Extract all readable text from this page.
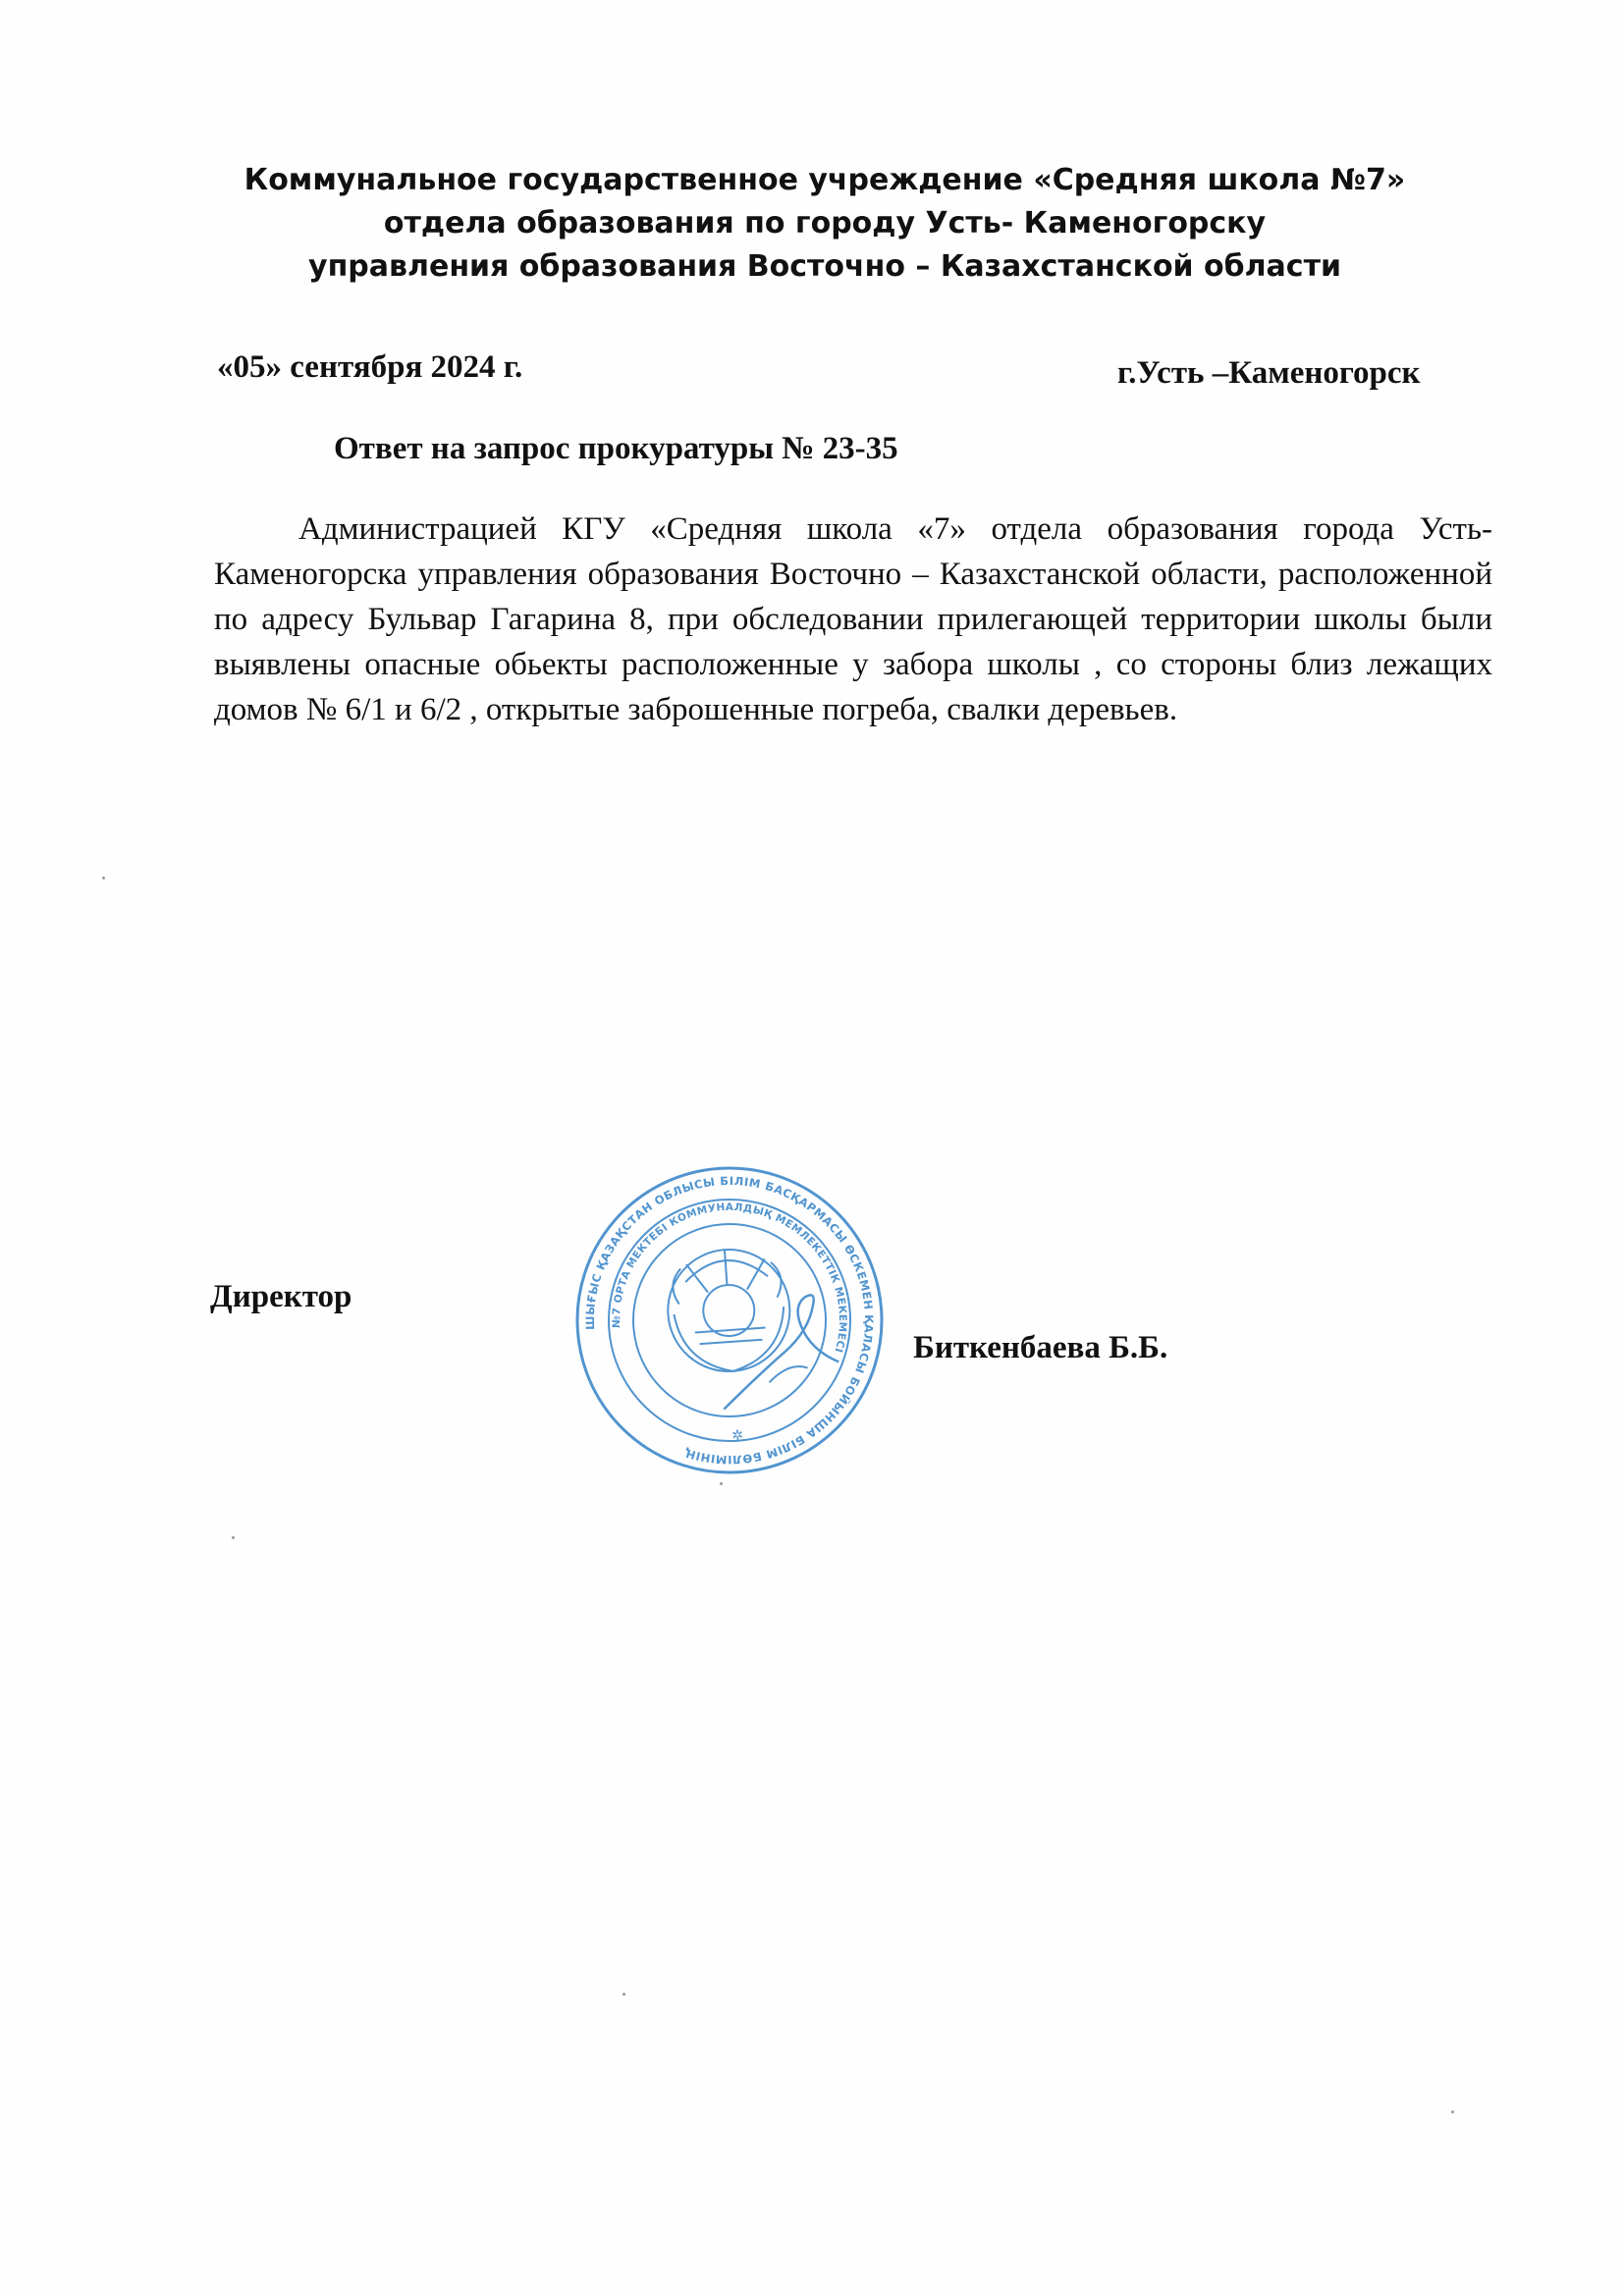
Коммунальное государственное учреждение «Средняя школа №7»
отдела образования по городу Усть- Каменогорску
управления образования Восточно – Казахстанской области
«05» сентября 2024 г.	г.Усть –Каменогорск
Ответ на запрос прокуратуры № 23-35

Администрацией КГУ «Средняя школа «7» отдела образования города Усть- Каменогорска управления образования Восточно – Казахстанской области, расположенной по адресу Бульвар Гагарина 8, при обследовании прилегающей территории школы были выявлены опасные обьекты расположенные у забора школы , со стороны близ лежащих домов № 6/1 и 6/2 , открытые заброшенные погреба, свалки деревьев.

Директор
ШЫҒЫС ҚАЗАҚСТАН ОБЛЫСЫ БІЛІМ БАСҚАРМАСЫ ӨСКЕМЕН ҚАЛАСЫ БОЙЫНША БІЛІМ БӨЛІМІНІҢ
№7 ОРТА МЕКТЕБІ КОММУНАЛДЫҚ МЕМЛЕКЕТТІК МЕКЕМЕСІ
✲
Биткенбаева Б.Б.
